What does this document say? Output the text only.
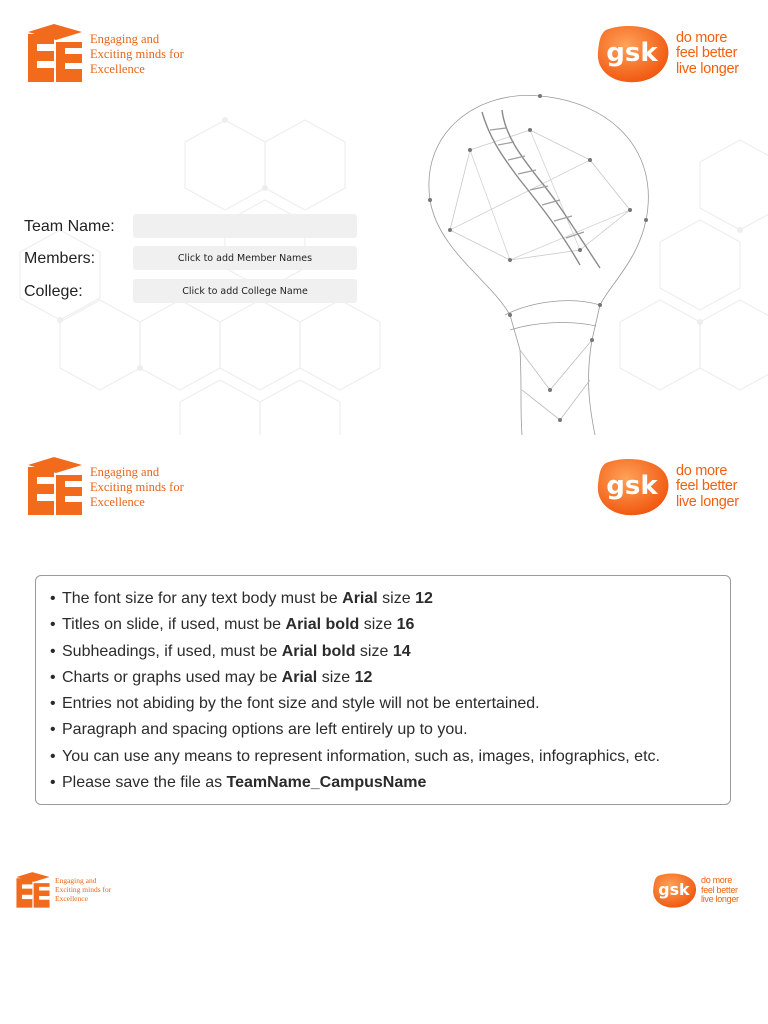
Engaging and
Exciting minds for
Excellence
gsk do more
feel better
live longer
Team Name:
Members:	Click to add Member Names
College:	Click to add College Name
Engaging and
Exciting minds for
Excellence
gsk do more
feel better
live longer
• The font size for any text body must be Arial size 12
• Titles on slide, if used, must be Arial bold size 16
• Subheadings, if used, must be Arial bold size 14
• Charts or graphs used may be Arial size 12
• Entries not abiding by the font size and style will not be entertained.
• Paragraph and spacing options are left entirely up to you.
• You can use any means to represent information, such as, images, infographics, etc.
• Please save the file as TeamName_CampusName
Engaging and
Exciting minds for
Excellence	gsk do more
feel better
live longer
